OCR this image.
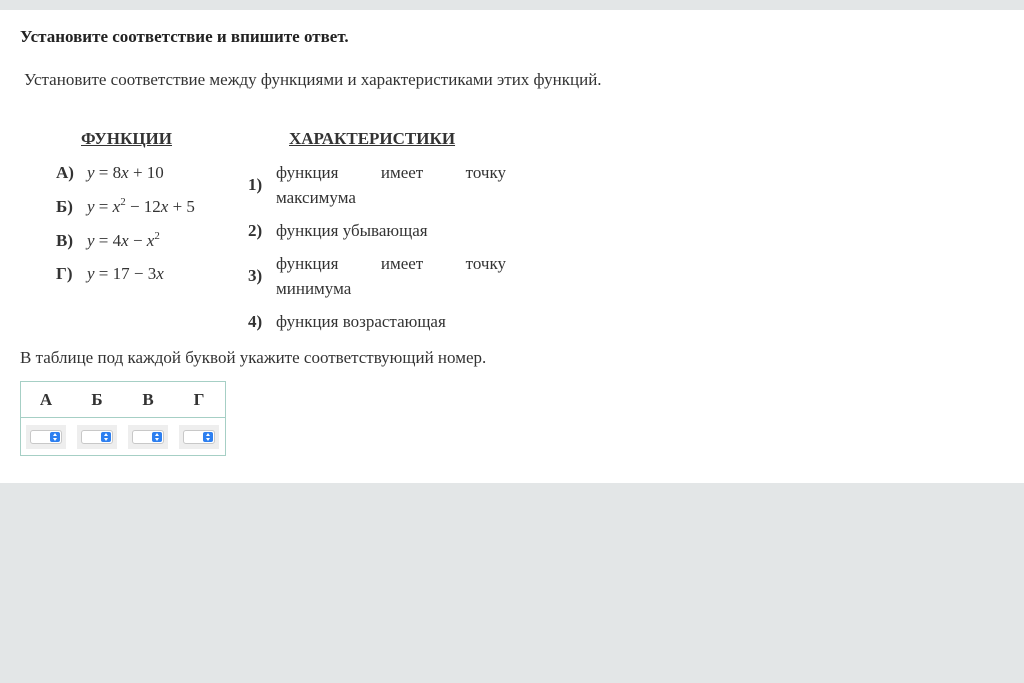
Установите соответствие и впишите ответ.
Установите соответствие между функциями и характеристиками этих функций.
ФУНКЦИИ	ХАРАКТЕРИСТИКИ
А) y = 8x + 10
Б) $y = x^2 - 12x + 5$
В) $y = 4x - x^2$
Г) y = 17 − 3x
1)
функция имеет точку
максимума
2) функция убывающая
3)
функция имеет точку
минимума
4) функция возрастающая
В таблице под каждой буквой укажите соответствующий номер.
А	Б	В	Г
